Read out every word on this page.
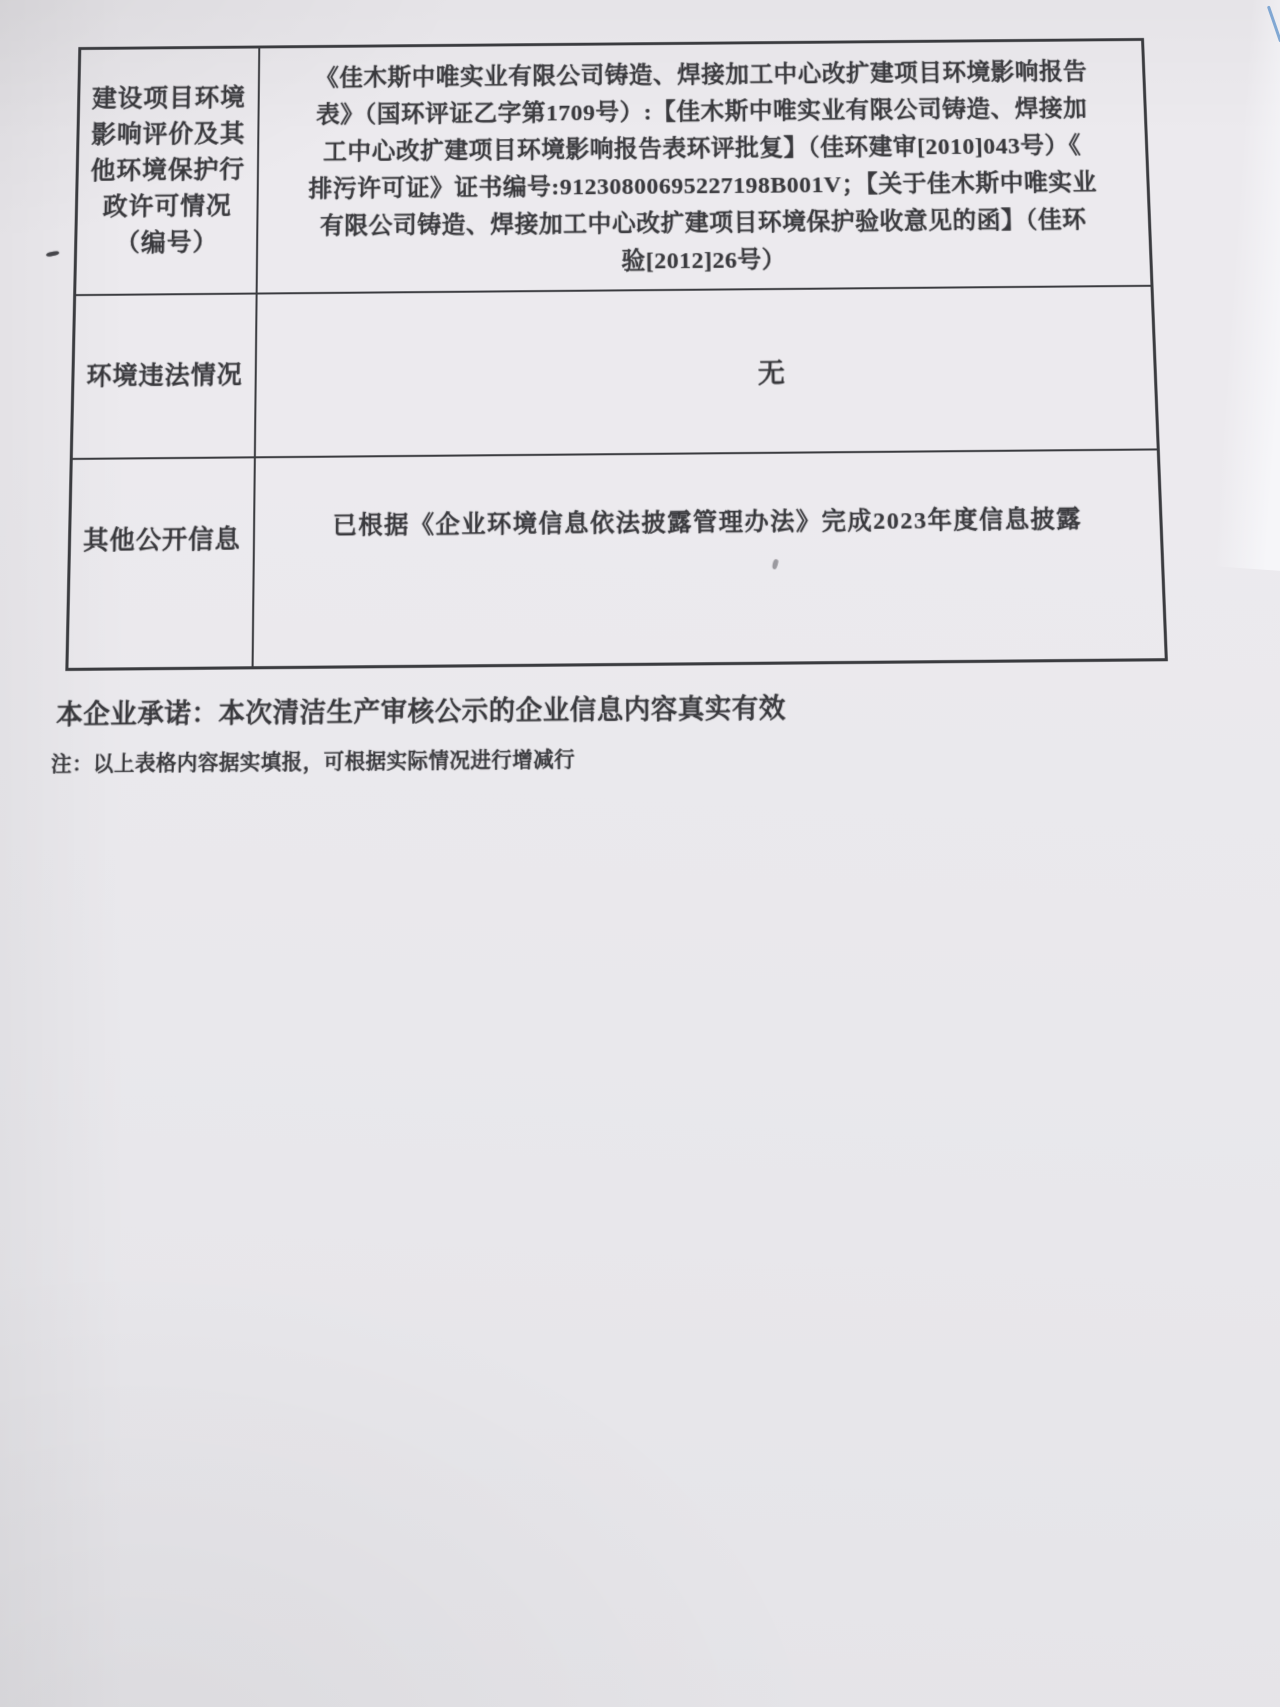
建设项目环境
影响评价及其
他环境保护行
政许可情况
（编号）
《佳木斯中唯实业有限公司铸造、焊接加工中心改扩建项目环境影响报告
表》（国环评证乙字第1709号）:【佳木斯中唯实业有限公司铸造、焊接加
工中心改扩建项目环境影响报告表环评批复】（佳环建审[2010]043号）《
排污许可证》证书编号:91230800695227198B001V；【关于佳木斯中唯实业
有限公司铸造、焊接加工中心改扩建项目环境保护验收意见的函】（佳环
验[2012]26号）
环境违法情况	无
其他公开信息
已根据《企业环境信息依法披露管理办法》完成2023年度信息披露
本企业承诺：本次清洁生产审核公示的企业信息内容真实有效
注：以上表格内容据实填报，可根据实际情况进行增减行
